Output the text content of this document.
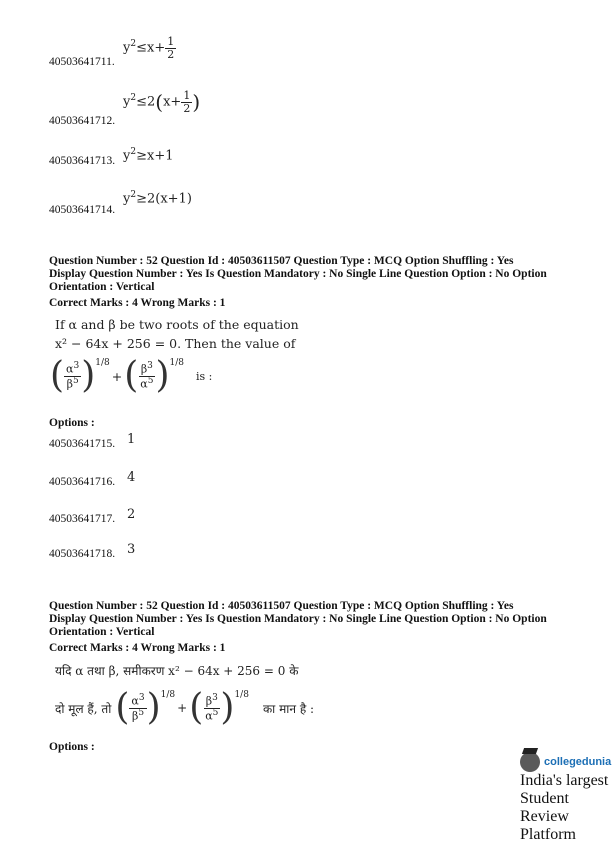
$y^2\le x+ \frac{1}{2}$
40503641711.
$y^2\le 2(x+ \frac{1}{2}$ )
40503641712.
$y^2\ge x+1$
40503641713.
$y^2\ge 2(x+1)$
40503641714.
Question Number : 52 Question Id : 40503611507 Question Type : MCQ Option Shuffling : Yes
Display Question Number : Yes Is Question Mandatory : No Single Line Question Option : No Option
Orientation : Vertical
Correct Marks : 4 Wrong Marks : 1
If α and β be two roots of the equation
x² − 64x + 256 = 0. Then the value of
( $\frac{\alpha^3}{\beta^5}$ ) 1/8
+ ( $\frac{\beta^3}{\alpha^5}$ ) 1/8
is :
Options :
40503641715. 1
40503641716. 4
40503641717. 2
40503641718. 3
Question Number : 52 Question Id : 40503611507 Question Type : MCQ Option Shuffling : Yes
Display Question Number : Yes Is Question Mandatory : No Single Line Question Option : No Option
Orientation : Vertical
Correct Marks : 4 Wrong Marks : 1
यदि α तथा β, समीकरण x² − 64x + 256 = 0 के
दो मूल हैं, तो ( $\frac{\alpha^3}{\beta^5}$ ) 1/8
+ ( $\frac{\beta^3}{\alpha^5}$ ) 1/8
का मान है :
Options :
collegedunia
India's largest Student Review Platform
